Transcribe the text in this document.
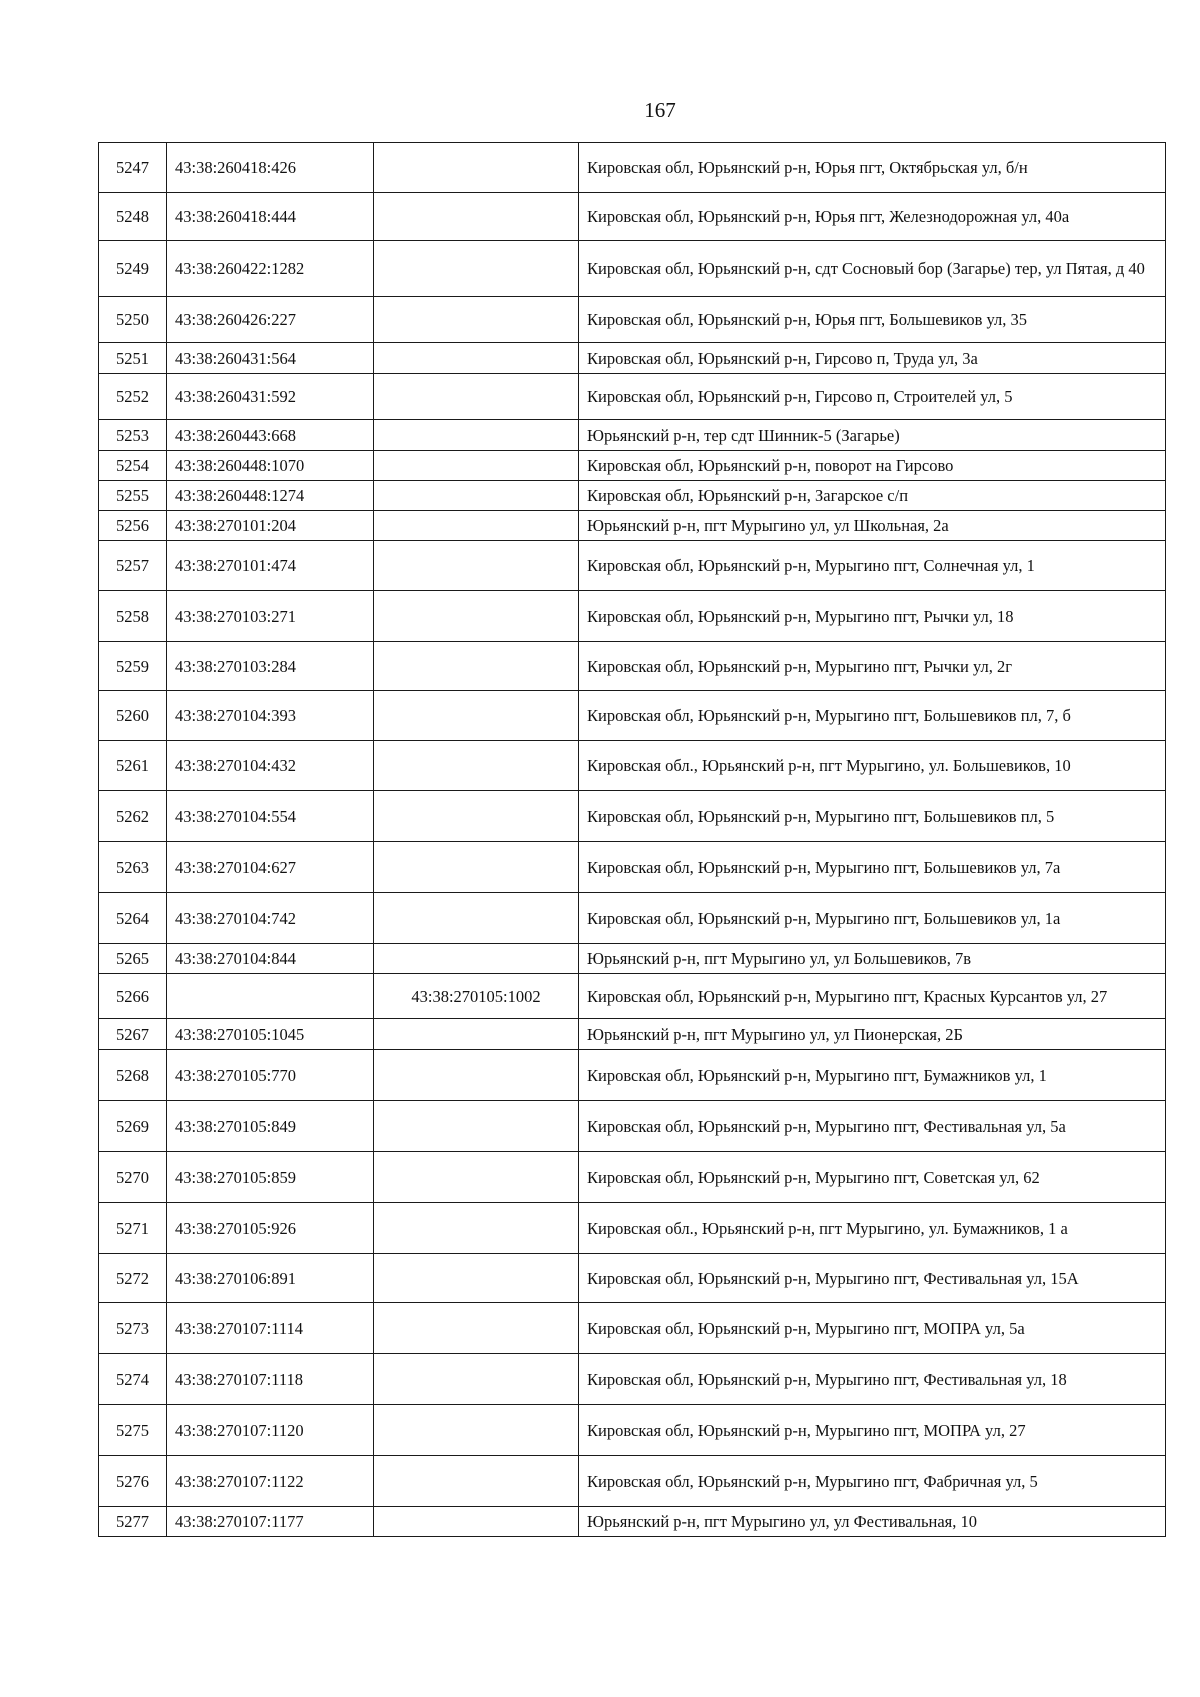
167
5247	43:38:260418:426		Кировская обл, Юрьянский р-н, Юрья пгт, Октябрьская ул, б/н

5248	43:38:260418:444		Кировская обл, Юрьянский р-н, Юрья пгт, Железнодорожная ул, 40а

5249	43:38:260422:1282		Кировская обл, Юрьянский р-н, сдт Сосновый бор (Загарье) тер, ул Пятая, д 40

5250	43:38:260426:227		Кировская обл, Юрьянский р-н, Юрья пгт, Большевиков ул, 35

5251	43:38:260431:564		Кировская обл, Юрьянский р-н, Гирсово п, Труда ул, 3а

5252	43:38:260431:592		Кировская обл, Юрьянский р-н, Гирсово п, Строителей ул, 5

5253	43:38:260443:668		Юрьянский р-н, тер сдт Шинник-5 (Загарье)

5254	43:38:260448:1070		Кировская обл, Юрьянский р-н, поворот на Гирсово

5255	43:38:260448:1274		Кировская обл, Юрьянский р-н, Загарское с/п

5256	43:38:270101:204		Юрьянский р-н, пгт Мурыгино ул, ул Школьная, 2а

5257	43:38:270101:474		Кировская обл, Юрьянский р-н, Мурыгино пгт, Солнечная ул, 1

5258	43:38:270103:271		Кировская обл, Юрьянский р-н, Мурыгино пгт, Рычки ул, 18

5259	43:38:270103:284		Кировская обл, Юрьянский р-н, Мурыгино пгт, Рычки ул, 2г

5260	43:38:270104:393		Кировская обл, Юрьянский р-н, Мурыгино пгт, Большевиков пл, 7, б

5261	43:38:270104:432		Кировская обл., Юрьянский р-н, пгт Мурыгино, ул. Большевиков, 10

5262	43:38:270104:554		Кировская обл, Юрьянский р-н, Мурыгино пгт, Большевиков пл, 5

5263	43:38:270104:627		Кировская обл, Юрьянский р-н, Мурыгино пгт, Большевиков ул, 7а

5264	43:38:270104:742		Кировская обл, Юрьянский р-н, Мурыгино пгт, Большевиков ул, 1а

5265	43:38:270104:844		Юрьянский р-н, пгт Мурыгино ул, ул Большевиков, 7в

5266		43:38:270105:1002	Кировская обл, Юрьянский р-н, Мурыгино пгт, Красных Курсантов ул, 27

5267	43:38:270105:1045		Юрьянский р-н, пгт Мурыгино ул, ул Пионерская, 2Б

5268	43:38:270105:770		Кировская обл, Юрьянский р-н, Мурыгино пгт, Бумажников ул, 1

5269	43:38:270105:849		Кировская обл, Юрьянский р-н, Мурыгино пгт, Фестивальная ул, 5а

5270	43:38:270105:859		Кировская обл, Юрьянский р-н, Мурыгино пгт, Советская ул, 62

5271	43:38:270105:926		Кировская обл., Юрьянский р-н, пгт Мурыгино, ул. Бумажников, 1 а

5272	43:38:270106:891		Кировская обл, Юрьянский р-н, Мурыгино пгт, Фестивальная ул, 15А

5273	43:38:270107:1114		Кировская обл, Юрьянский р-н, Мурыгино пгт, МОПРА ул, 5а

5274	43:38:270107:1118		Кировская обл, Юрьянский р-н, Мурыгино пгт, Фестивальная ул, 18

5275	43:38:270107:1120		Кировская обл, Юрьянский р-н, Мурыгино пгт, МОПРА ул, 27

5276	43:38:270107:1122		Кировская обл, Юрьянский р-н, Мурыгино пгт, Фабричная ул, 5

5277	43:38:270107:1177		Юрьянский р-н, пгт Мурыгино ул, ул Фестивальная, 10
